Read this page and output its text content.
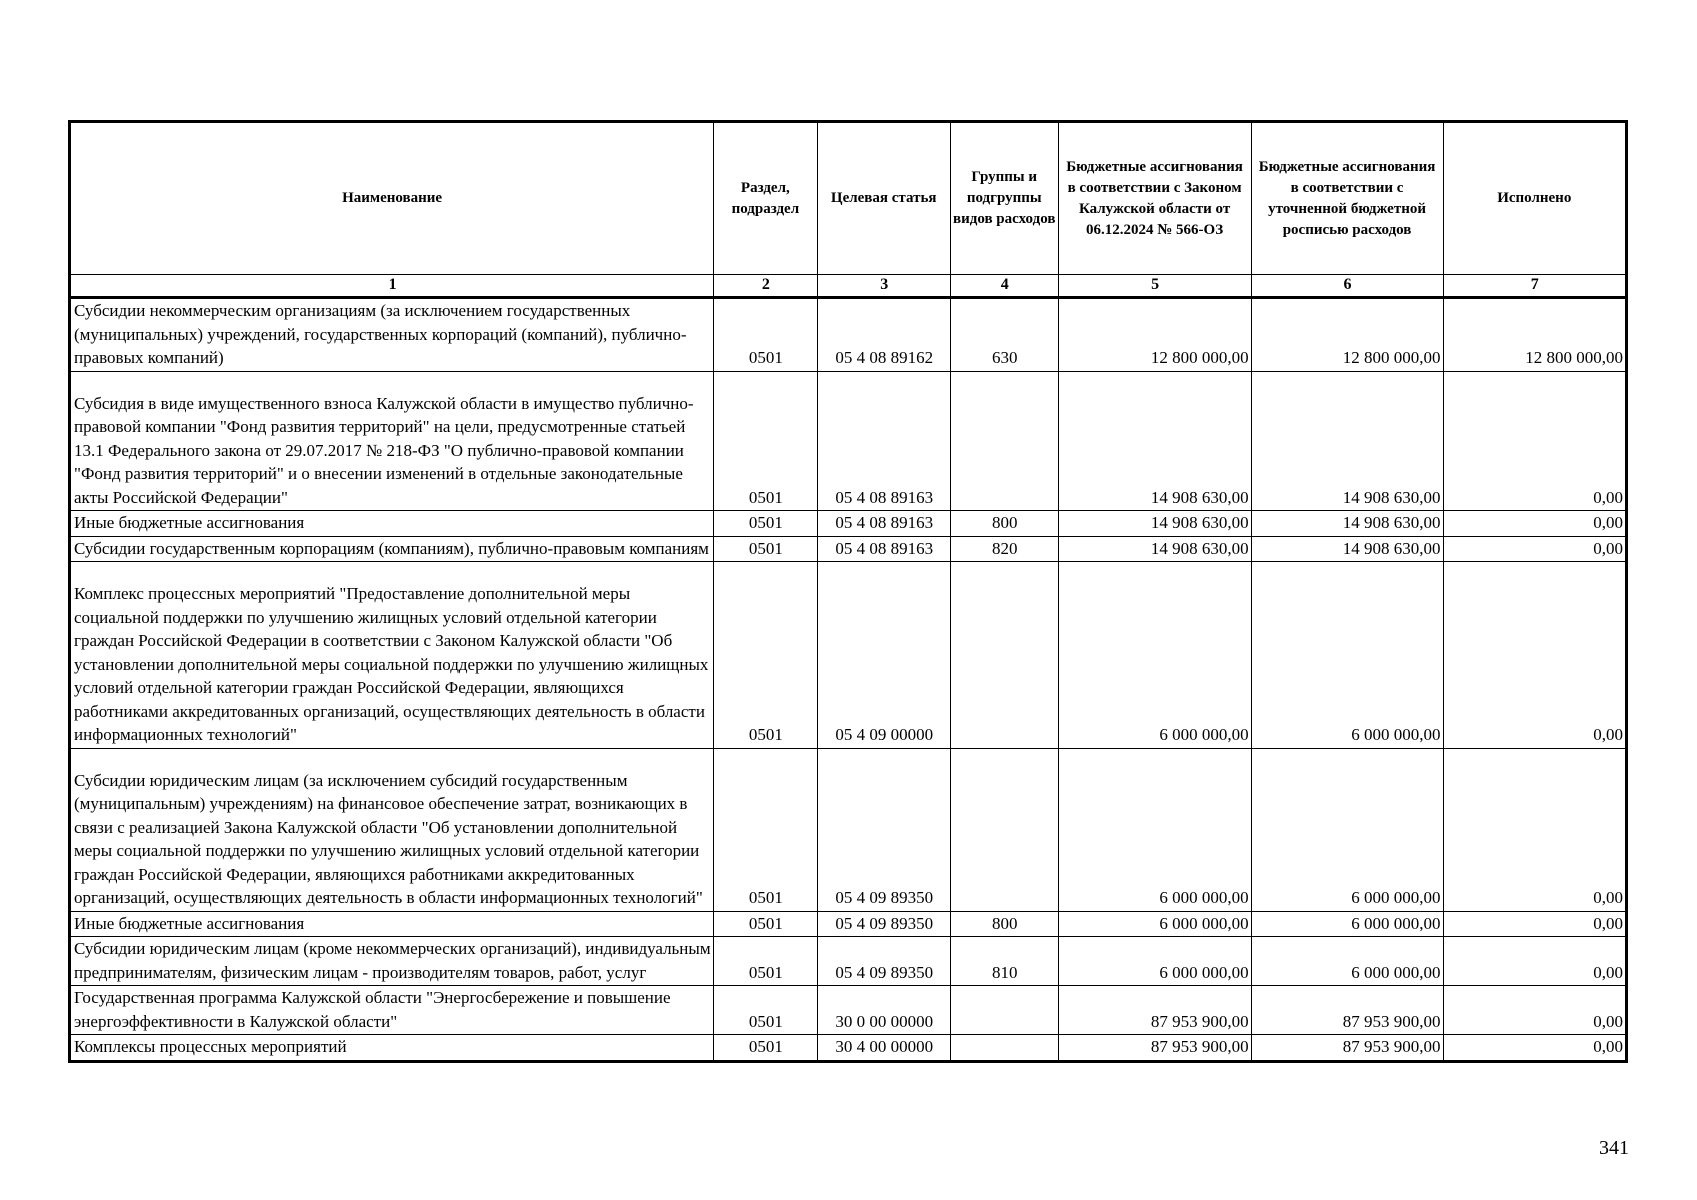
Наименование	Раздел, подраздел	Целевая статья	Группы и подгруппы видов расходов	Бюджетные ассигнования в соответствии с Законом Калужской области от 06.12.2024 № 566-ОЗ	Бюджетные ассигнования в соответствии с уточненной бюджетной росписью расходов	Исполнено
1	2	3	4	5	6	7
Субсидии некоммерческим организациям (за исключением государственных (муниципальных) учреждений, государственных корпораций (компаний), публично-правовых компаний)	0501	05 4 08 89162	630	12 800 000,00	12 800 000,00	12 800 000,00
Субсидия в виде имущественного взноса Калужской области в имущество публично-правовой компании "Фонд развития территорий" на цели, предусмотренные статьей 13.1 Федерального закона от 29.07.2017 № 218-ФЗ "О публично-правовой компании "Фонд развития территорий" и о внесении изменений в отдельные законодательные акты Российской Федерации"	0501	05 4 08 89163		14 908 630,00	14 908 630,00	0,00
Иные бюджетные ассигнования	0501	05 4 08 89163	800	14 908 630,00	14 908 630,00	0,00
Субсидии государственным корпорациям (компаниям), публично-правовым компаниям	0501	05 4 08 89163	820	14 908 630,00	14 908 630,00	0,00
Комплекс процессных мероприятий "Предоставление дополнительной меры социальной поддержки по улучшению жилищных условий отдельной категории граждан Российской Федерации в соответствии с Законом Калужской области "Об установлении дополнительной меры социальной поддержки по улучшению жилищных условий отдельной категории граждан Российской Федерации, являющихся работниками аккредитованных организаций, осуществляющих деятельность в области информационных технологий"	0501	05 4 09 00000		6 000 000,00	6 000 000,00	0,00
Субсидии юридическим лицам (за исключением субсидий государственным (муниципальным) учреждениям) на финансовое обеспечение затрат, возникающих в связи с реализацией Закона Калужской области "Об установлении дополнительной меры социальной поддержки по улучшению жилищных условий отдельной категории граждан Российской Федерации, являющихся работниками аккредитованных организаций, осуществляющих деятельность в области информационных технологий"	0501	05 4 09 89350		6 000 000,00	6 000 000,00	0,00
Иные бюджетные ассигнования	0501	05 4 09 89350	800	6 000 000,00	6 000 000,00	0,00
Субсидии юридическим лицам (кроме некоммерческих организаций), индивидуальным предпринимателям, физическим лицам - производителям товаров, работ, услуг	0501	05 4 09 89350	810	6 000 000,00	6 000 000,00	0,00
Государственная программа Калужской области "Энергосбережение и повышение энергоэффективности в Калужской области"	0501	30 0 00 00000		87 953 900,00	87 953 900,00	0,00
Комплексы процессных мероприятий	0501	30 4 00 00000		87 953 900,00	87 953 900,00	0,00
341
